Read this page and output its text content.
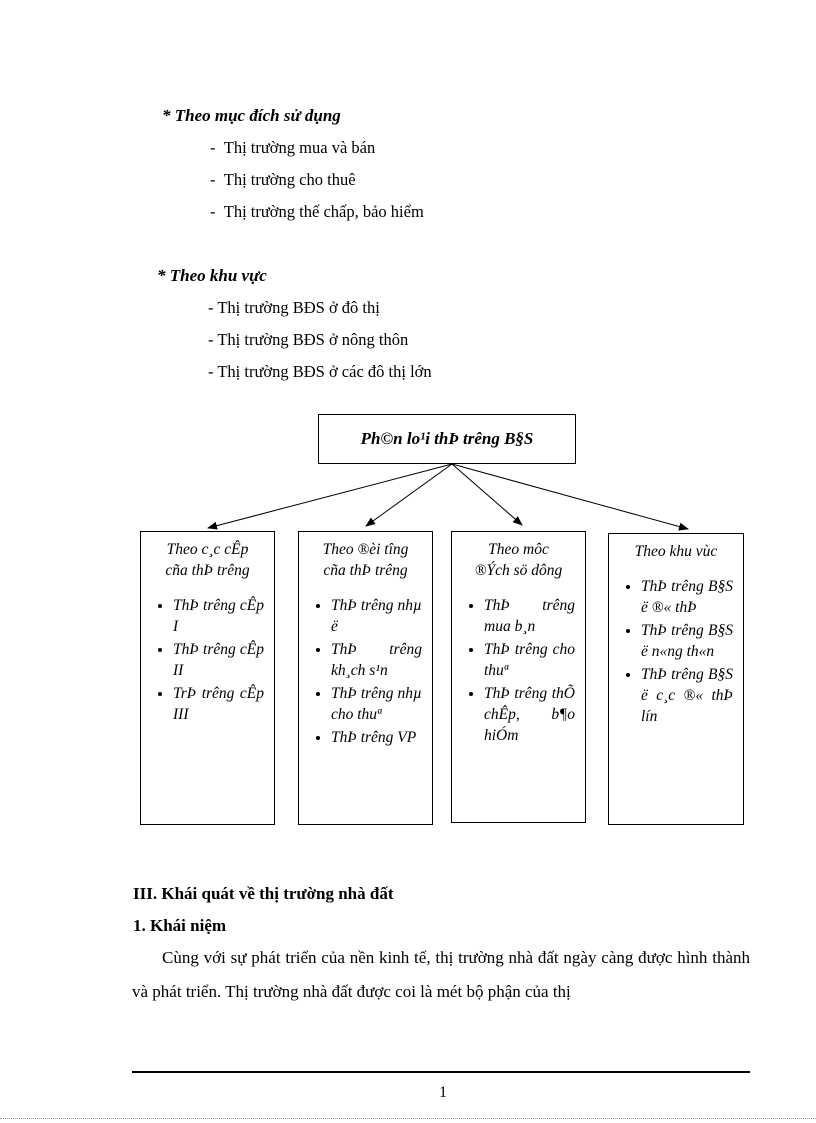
* Theo mục đích sử dụng
-  Thị trường mua và bán
-  Thị trường cho thuê
-  Thị trường thế chấp, bảo hiểm
* Theo khu vực
- Thị trường BĐS ở đô thị
- Thị trường BĐS ở nông thôn
- Thị trường BĐS ở các đô thị lớn
Ph©n lo¹i thÞ trêng B§S
Theo c¸c cÊp
cña thÞ trêng
• ThÞ trêng cÊp I
• ThÞ trêng cÊp II
• TrÞ trêng cÊp III
Theo ®èi tîng
cña thÞ trêng
• ThÞ trêng nhµ ë
• ThÞ trêng kh¸ch s¹n
• ThÞ trêng nhµ cho thuª
• ThÞ trêng VP
Theo môc
®Ých sö dông
• ThÞ trêng mua b¸n
• ThÞ trêng cho thuª
• ThÞ trêng thÕ chÊp, b¶o hiÓm
Theo khu vùc
• ThÞ trêng B§S ë ®« thÞ
• ThÞ trêng B§S ë n«ng th«n
• ThÞ trêng B§S ë c¸c ®« thÞ lín
III. Khái quát về thị trường nhà đất
1. Khái niệm
Cùng với sự phát triển của nền kinh tế, thị trường nhà đất ngày càng được hình thành và phát triển. Thị trường nhà đất được coi là mét bộ phận của thị
1
